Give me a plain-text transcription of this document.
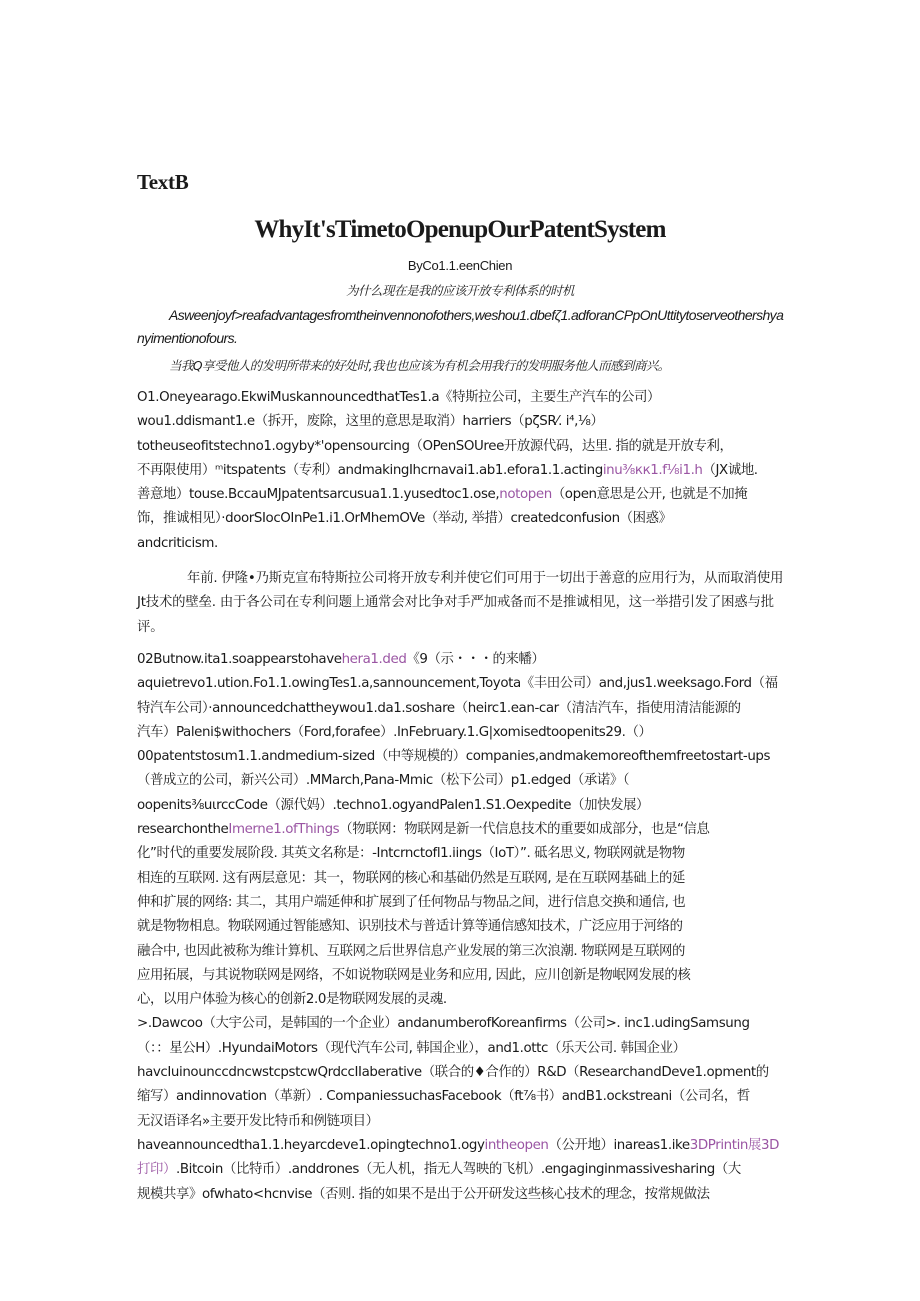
TextB
WhyIt'sTimetoOpenupOurPatentSystem
ByCo1.1.eenChien
为什么现在是我的应该开放专利体系的时机
Asweenjoyf>reafadvantagesfromtheinvennonofothers,weshou1.dbefζ1.adforanCPpOnUttitytoserveothershyanyimentionofours.
当我Q享受他人的发明所带来的好处时,我也也应该为有机会用我行的发明服务他人而感到商兴。
O1.Oneyearago.EkwiMuskannouncedthatTes1.a《特斯拉公司，主要生产汽车的公司）
wou1.ddismant1.e（拆开，废除，这里的意思是取消）harriers（pζSR⁄. i⁴,⅛）
totheuseofitstechno1.ogyby*'opensourcing（OPenSOUree开放源代码，达里. 指的就是开放专利，
不再限使用）ᵐitspatents（专利）andmakingIhcrnavai1.ab1.efora1.1.actinginu⅜кк1.f⅛i1.h（JX诚地.
善意地）touse.BccauMJpatentsarcusua1.1.yusedtoc1.ose,notopen（open意思是公开, 也就是不加掩
饰，推诚相见）·doorSIocOInPe1.i1.OrMhemOVe（举动, 举措）createdconfusion（困惑》
andcriticism.
年前. 伊隆•乃斯克宣布特斯拉公司将开放专利并使它们可用于一切出于善意的应用行为，从而取消使用Jt技术的壁垒. 由于各公司在专利问题上通常会对比争对手严加戒备而不是推诚相见，这一举措引发了困惑与批评。
02Butnow.ita1.soappearstohavehera1.ded《9（示・・・的来幡）
aquietrevo1.ution.Fo1.1.owingTes1.a,sannouncement,Toyota《丰田公司）and,jus1.weeksago.Ford（福
特汽车公司）·announcedchattheywou1.da1.soshare（heirc1.ean-car（清洁汽车，指使用清洁能源的
汽车）Paleni$withochers（Ford,forafee）.InFebruary.1.G|xomisedtoopenits29.（）
00patentstosιm1.1.andmedium-sized（中等规模的）companies,andmakemoreofthemfreetostart-ups
（普成立的公司，新兴公司）.MMarch,Pana-Mmic（松下公司）p1.edged（承诺》（
oopenits⅜uιrccCode（源代妈）.techno1.ogyandPaIen1.S1.Oexpedite（加快发展）
researchontheImerne1.ofThings（物联网：物联网是新一代信息技术的重要如成部分，也是“信息
化”时代的重要发展阶段. 其英文名称是：-Intcrnctofl1.iings（IoT）”. 砥名思义, 物联网就是物物
相连的互联网. 这有两层意见：其一，物联网的核心和基础仍然是互联网, 是在互联网基础上的延
伸和扩展的网络: 其二，其用户端延伸和扩展到了任何物品与物品之间，进行信息交换和通信, 也
就是物物相息。物联网通过智能感知、识别技术与普适计算等通信感知技术，广泛应用于河络的
融合中, 也因此被称为维计算机、互联网之后世界信息产业发展的第三次浪潮. 物联网是互联网的
应用拓展，与其说物联网是网络，不如说物联网是业务和应用, 因此，应川创新是物岷网发展的核
心，以用户体验为核心的创新2.0是物联网发展的灵魂.
>.Dawcoo（大宇公司，是韩国的一个企业）andanumberofKoreanfirms（公司>. inc1.udingSamsung
（：：星公H）.HyundaiMotors（现代汽车公司, 韩国企业），and1.ottc（乐天公司. 韩国企业）
havcIuinounccdncwstcpstcwQrdccIIaberative（联合的♦合作的）R&D（ResearchandDeve1.opment的
缩写）andinnovation（革新）. CompaniessuchasFacebook（ft⅞书）andB1.ockstreani（公司名，哲
无汉语译名»主要开发比特币和例链项目）
haveannouncedtha1.1.heyarcdeve1.opingtechno1.ogyintheopen（公开地）inareas1.ike3DPrintin展3D
打印）.Bitcoin（比特币）.anddrones（无人机，指无人驾映的飞机）.engaginginmassivesharing（大
规模共享》ofwhato<hcnvise（否则. 指的如果不是出于公开研发这些核心技术的理念，按常规做法
